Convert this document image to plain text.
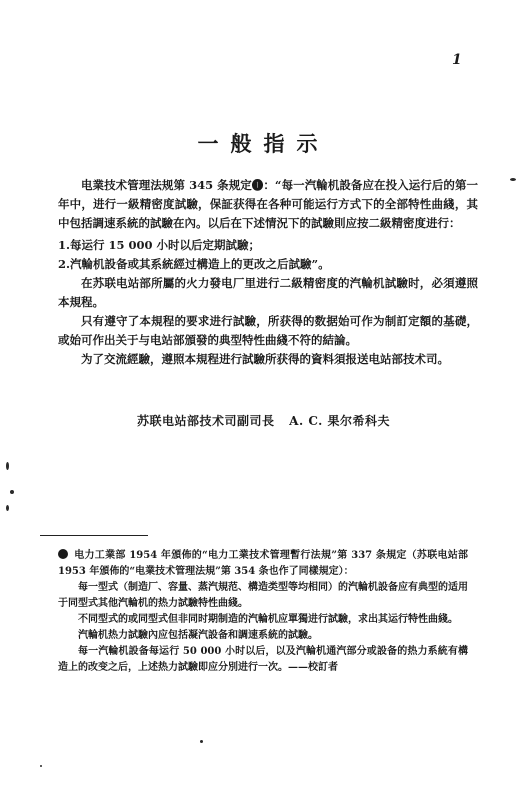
1
一般指示

电業技术管理法规第 345 条规定❶：“每一汽輪机設备应在投入运行后的第一年中，进行一級精密度試驗，保証获得在各种可能运行方式下的全部特性曲綫，其中包括調速系統的試驗在內。以后在下述情況下的試驗則应按二級精密度进行：

1.每运行 15 000 小时以后定期試驗；

2.汽輪机設备或其系統經过構造上的更改之后試驗”。

在苏联电站部所屬的火力發电厂里进行二級精密度的汽輪机試驗时，必須遵照本規程。

只有遵守了本規程的要求进行試驗，所获得的数据始可作为制訂定額的基礎，或始可作出关于与电站部頒發的典型特性曲綫不符的結論。

为了交流經驗，遵照本規程进行試驗所获得的資料須报送电站部技术司。

苏联电站部技术司副司長 A. C. 果尔希科夫

电力工業部 1954 年頒佈的“电力工業技术管理暫行法規”第 337 条規定（苏联电站部 1953 年頒佈的“电業技术管理法規”第 354 条也作了同樣規定）：

每一型式（制造厂、容量、蒸汽規范、構造类型等均相同）的汽輪机設备应有典型的适用于同型式其他汽輪机的热力試驗特性曲綫。

不同型式的或同型式但非同时期制造的汽輪机应單獨进行試驗，求出其运行特性曲綫。

汽輪机热力試驗內应包括凝汽設备和調速系統的試驗。

每一汽輪机設备每运行 50 000 小时以后，以及汽輪机通汽部分或設备的热力系統有構造上的改变之后，上述热力試驗即应分別进行一次。——校訂者
